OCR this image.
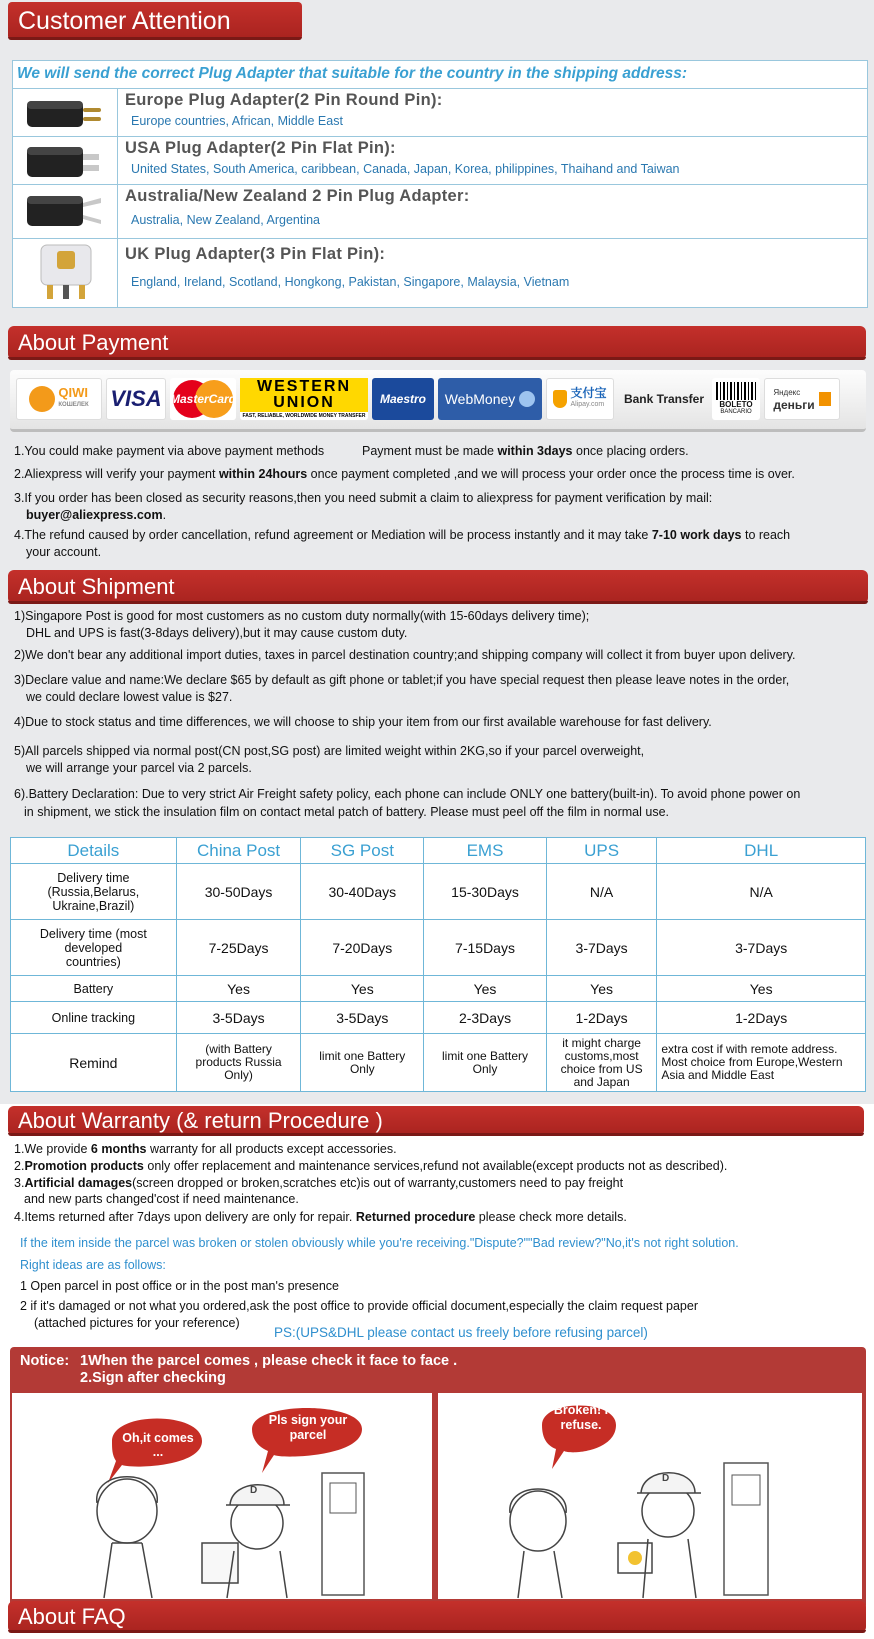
Customer Attention
We will send the correct Plug Adapter that suitable for the country in the shipping address:
Europe Plug Adapter(2 Pin Round Pin):
Europe countries, African, Middle East
USA Plug Adapter(2 Pin Flat Pin):
United States, South America, caribbean, Canada, Japan, Korea, philippines, Thaihand and Taiwan
Australia/New Zealand 2 Pin Plug Adapter:
Australia, New Zealand, Argentina
UK Plug Adapter(3 Pin Flat Pin):
England, Ireland, Scotland, Hongkong, Pakistan, Singapore, Malaysia, Vietnam
About Payment
QIWI
КОШЕЛЕК VISA MasterCard
WESTERN
UNION
FAST, RELIABLE, WORLDWIDE MONEY TRANSFER
Maestro WebMoney	支付宝
Alipay.com Bank Transfer BOLETO
BANCARIO
Яндекс
деньги
1.You could make payment via above payment methods	Payment must be made within 3days once placing orders.
2.Aliexpress will verify your payment within 24hours once payment completed ,and we will process your order once the process time is over.
3.If you order has been closed as security reasons,then you need submit a claim to aliexpress for payment verification by mail:
buyer@aliexpress.com.
4.The refund caused by order cancellation, refund agreement or Mediation will be process instantly and it may take 7-10 work days to reach
your account.
About Shipment
1)Singapore Post is good for most customers as no custom duty normally(with 15-60days delivery time);
DHL and UPS is fast(3-8days delivery),but it may cause custom duty.
2)We don't bear any additional import duties, taxes in parcel destination country;and shipping company will collect it from buyer upon delivery.
3)Declare value and name:We declare $65 by default as gift phone or tablet;if you have special request then please leave notes in the order,
we could declare lowest value is $27.
4)Due to stock status and time differences, we will choose to ship your item from our first available warehouse for fast delivery.
5)All parcels shipped via normal post(CN post,SG post) are limited weight within 2KG,so if your parcel overweight,
we will arrange your parcel via 2 parcels.
6).Battery Declaration: Due to very strict Air Freight safety policy, each phone can include ONLY one battery(built-in). To avoid phone power on
in shipment, we stick the insulation film on contact metal patch of battery. Please must peel off the film in normal use.
Details	China Post	SG Post	EMS	UPS	DHL
Delivery time (Russia,Belarus, Ukraine,Brazil)	30-50Days	30-40Days	15-30Days	N/A	N/A
Delivery time (most developed countries)	7-25Days	7-20Days	7-15Days	3-7Days	3-7Days
Battery	Yes	Yes	Yes	Yes	Yes
Online tracking	3-5Days	3-5Days	2-3Days	1-2Days	1-2Days
Remind	(with Battery products Russia Only)	limit one Battery Only	limit one Battery Only	it might charge customs,most choice from US and Japan	extra cost if with remote address. Most choice from Europe,Western Asia and Middle East
About Warranty (& return Procedure )
1.We provide 6 months warranty for all products except accessories.
2.Promotion products only offer replacement and maintenance services,refund not available(except products not as described).
3.Artificial damages(screen dropped or broken,scratches etc)is out of warranty,customers need to pay freight
and new parts changed'cost if need maintenance.
4.Items returned after 7days upon delivery are only for repair. Returned procedure please check more details.
If the item inside the parcel was broken or stolen obviously while you're receiving."Dispute?""Bad review?"No,it's not right solution.
Right ideas are as follows:
1 Open parcel in post office or in the post man's presence
2 if it's damaged or not what you ordered,ask the post office to provide official document,especially the claim request paper
(attached pictures for your reference)
PS:(UPS&DHL please contact us freely before refusing parcel)
Notice: 1When the parcel comes , please check it face to face .
2.Sign after checking
Oh,it comes ...
Pls sign your parcel
D
Broken! I refuse.
D
About FAQ
